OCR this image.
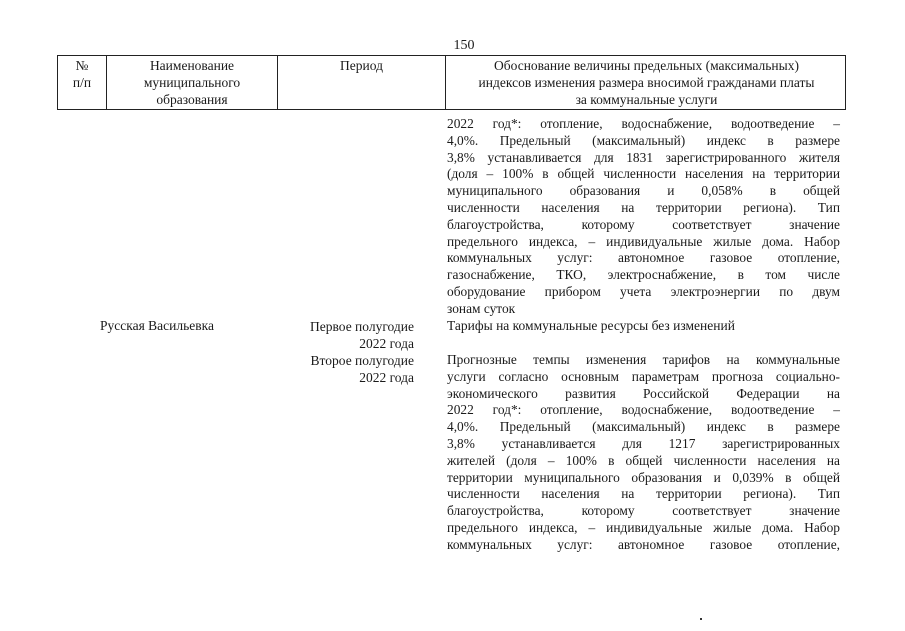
150
№
п/п
Наименование
муниципального
образования
Период	Обоснование величины предельных (максимальных)
индексов изменения размера вносимой гражданами платы
за коммунальные услуги
2022 год*: отопление, водоснабжение, водоотведение –
4,0%. Предельный (максимальный) индекс в размере
3,8% устанавливается для 1831 зарегистрированного жителя
(доля – 100% в общей численности населения на территории
муниципального образования и 0,058% в общей
численности населения на территории региона). Тип
благоустройства, которому соответствует значение
предельного индекса, – индивидуальные жилые дома. Набор
коммунальных услуг: автономное газовое отопление,
газоснабжение, ТКО, электроснабжение, в том числе
оборудование прибором учета электроэнергии по двум
зонам суток
Русская Васильевка	Первое полугодие
2022 года
Второе полугодие
2022 года
Тарифы на коммунальные ресурсы без изменений
Прогнозные темпы изменения тарифов на коммунальные
услуги согласно основным параметрам прогноза социально-
экономического развития Российской Федерации на
2022 год*: отопление, водоснабжение, водоотведение –
4,0%. Предельный (максимальный) индекс в размере
3,8% устанавливается для 1217 зарегистрированных
жителей (доля – 100% в общей численности населения на
территории муниципального образования и 0,039% в общей
численности населения на территории региона). Тип
благоустройства, которому соответствует значение
предельного индекса, – индивидуальные жилые дома. Набор
коммунальных услуг: автономное газовое отопление,
